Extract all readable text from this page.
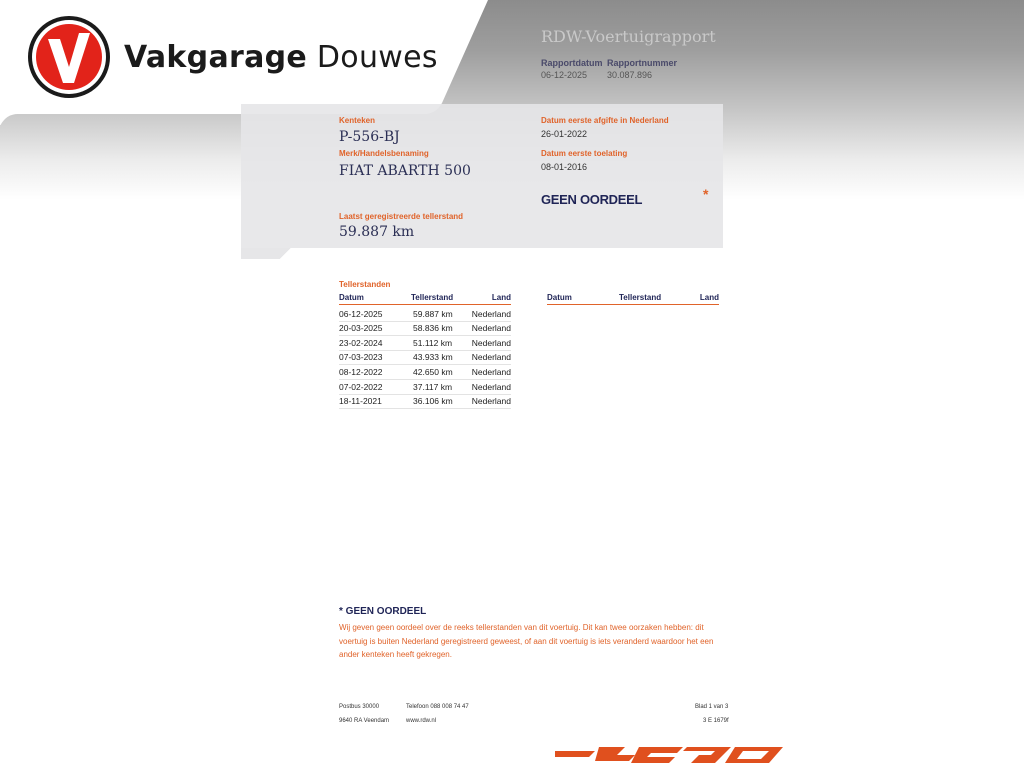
Vakgarage Douwes
RDW-Voertuigrapport
Rapportdatum
06-12-2025
Rapportnummer
30.087.896
Kenteken
P-556-BJ
Merk/Handelsbenaming
FIAT ABARTH 500
Datum eerste afgifte in Nederland
26-01-2022
Datum eerste toelating
08-01-2016
GEEN OORDEEL	*
Laatst geregistreerde tellerstand
59.887 km
Tellerstanden
Datum	Tellerstand	Land	Datum	Tellerstand	Land
06-12-2025	59.887 km Nederland
20-03-2025	58.836 km Nederland
23-02-2024	51.112 km Nederland
07-03-2023	43.933 km Nederland
08-12-2022	42.650 km Nederland
07-02-2022	37.117 km Nederland
18-11-2021	36.106 km Nederland
* GEEN OORDEEL
Wij geven geen oordeel over de reeks tellerstanden van dit voertuig. Dit kan twee oorzaken hebben: dit voertuig is buiten Nederland geregistreerd geweest, of aan dit voertuig is iets veranderd waardoor het een ander kenteken heeft gekregen.
Postbus 30000
9640 RA Veendam
Telefoon 088 008 74 47
www.rdw.nl
Blad 1 van 3
3 E 1679f
